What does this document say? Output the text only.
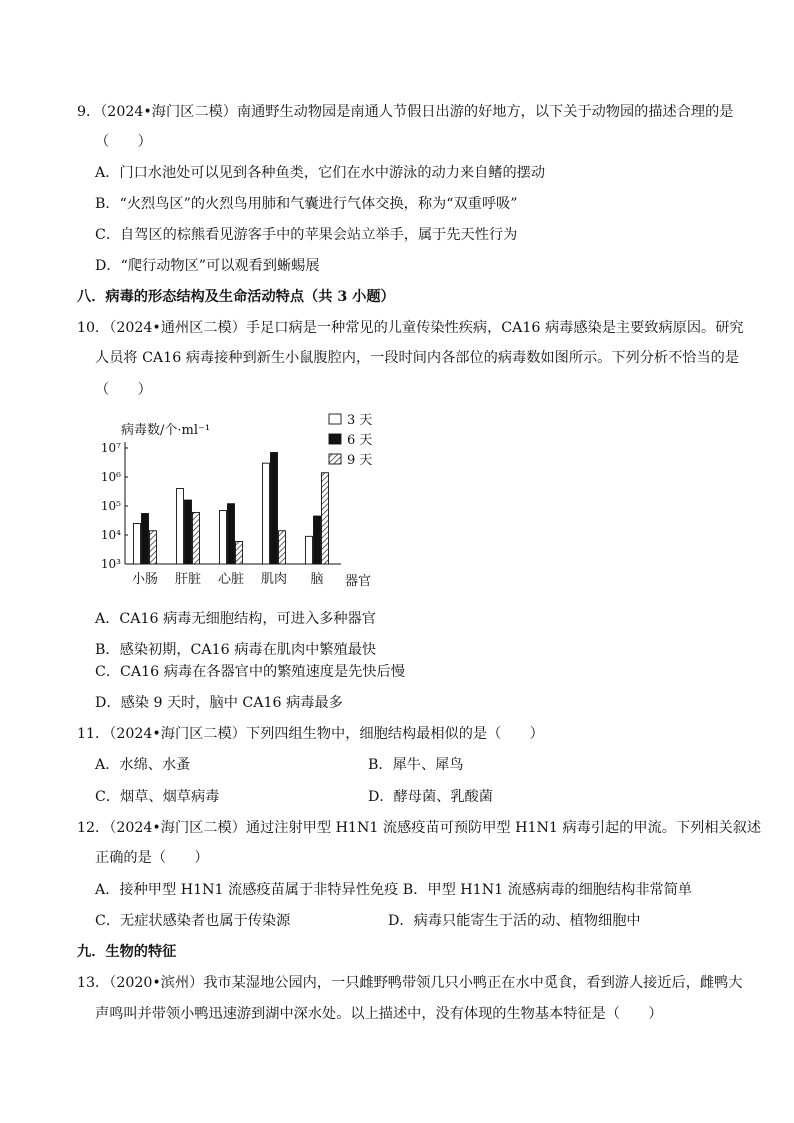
9．（2024•海门区二模）南通野生动物园是南通人节假日出游的好地方，以下关于动物园的描述合理的是
（　　）
A．门口水池处可以见到各种鱼类，它们在水中游泳的动力来自鳍的摆动
B．“火烈鸟区”的火烈鸟用肺和气囊进行气体交换，称为“双重呼吸”
C．自驾区的棕熊看见游客手中的苹果会站立举手，属于先天性行为
D．“爬行动物区”可以观看到蜥蜴展
八．病毒的形态结构及生命活动特点（共 3 小题）
10．（2024•通州区二模）手足口病是一种常见的儿童传染性疾病，CA16 病毒感染是主要致病原因。研究
人员将 CA16 病毒接种到新生小鼠腹腔内，一段时间内各部位的病毒数如图所示。下列分析不恰当的是
（　　）
10³
10⁴
10⁵
10⁶
10⁷
病毒数/个·ml⁻¹
器官
小肠 肝脏 心脏 肌肉 脑
3 天
6 天
9 天
A．CA16 病毒无细胞结构，可进入多种器官
B．感染初期，CA16 病毒在肌肉中繁殖最快
C．CA16 病毒在各器官中的繁殖速度是先快后慢
D．感染 9 天时，脑中 CA16 病毒最多
11．（2024•海门区二模）下列四组生物中，细胞结构最相似的是（　　）
A．水绵、水蚤	B．犀牛、犀鸟
C．烟草、烟草病毒	D．酵母菌、乳酸菌
12．（2024•海门区二模）通过注射甲型 H1N1 流感疫苗可预防甲型 H1N1 病毒引起的甲流。下列相关叙述
正确的是（　　）
A．接种甲型 H1N1 流感疫苗属于非特异性免疫 B．甲型 H1N1 流感病毒的细胞结构非常简单
C．无症状感染者也属于传染源	D．病毒只能寄生于活的动、植物细胞中
九．生物的特征
13．（2020•滨州）我市某湿地公园内，一只雌野鸭带领几只小鸭正在水中觅食，看到游人接近后，雌鸭大
声鸣叫并带领小鸭迅速游到湖中深水处。以上描述中，没有体现的生物基本特征是（　　）
